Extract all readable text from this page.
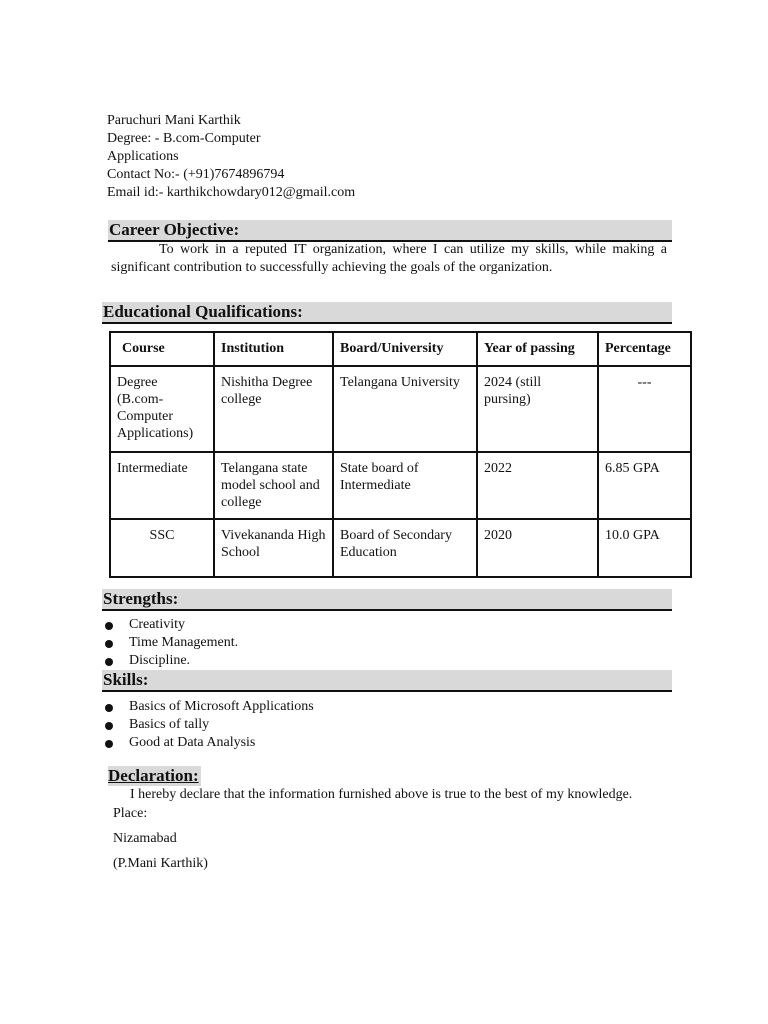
Paruchuri Mani Karthik
Degree: - B.com-Computer
Applications
Contact No:- (+91)7674896794
Email id:- karthikchowdary012@gmail.com
Career Objective:
To work in a reputed IT organization, where I can utilize my skills, while making a significant contribution to successfully achieving the goals of the organization.
Educational Qualifications:
Course	Institution	Board/University	Year of passing	Percentage
Degree (B.com-Computer Applications)	Nishitha Degree college	Telangana University	2024 (still pursing)	---
Intermediate	Telangana state model school and college	State board of Intermediate	2022	6.85 GPA
SSC	Vivekananda High School	Board of Secondary Education	2020	10.0 GPA
Strengths:
Creativity
Time Management.
Discipline.
Skills:
Basics of Microsoft Applications
Basics of tally
Good at Data Analysis
Declaration:
I hereby declare that the information furnished above is true to the best of my knowledge.
Place:
Nizamabad
(P.Mani Karthik)
